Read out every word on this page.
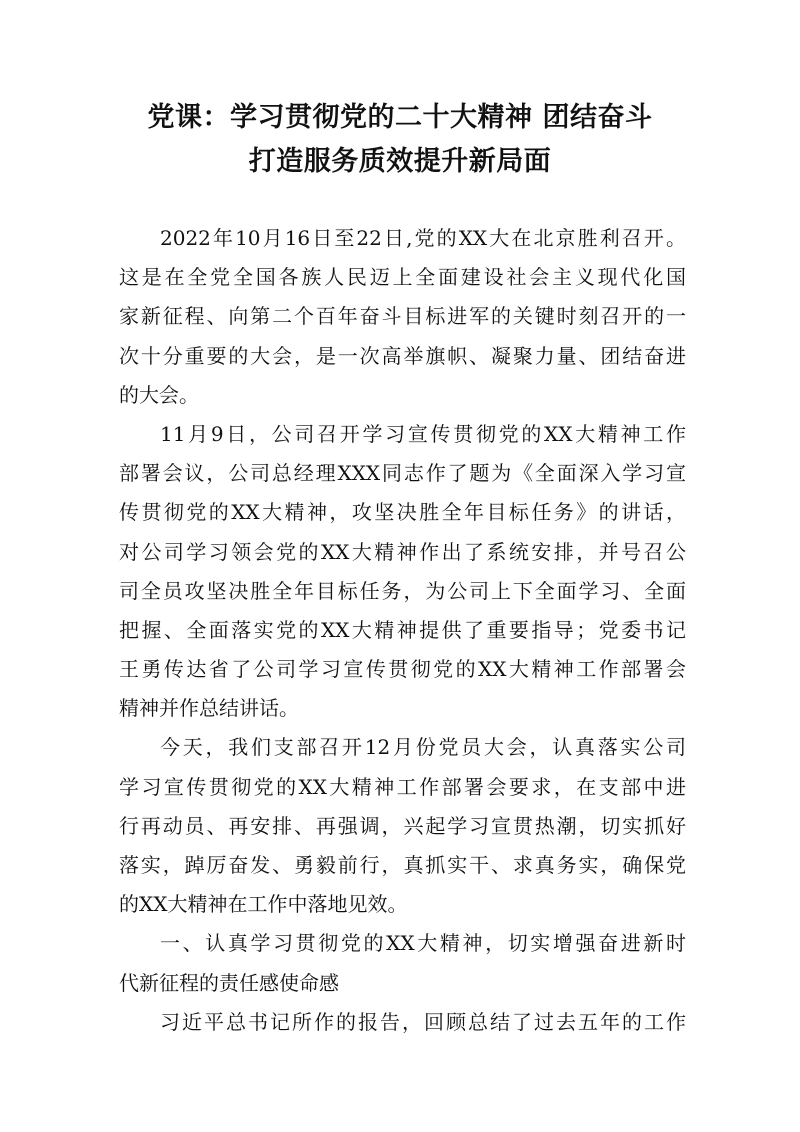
党课：学习贯彻党的二十大精神 团结奋斗
打造服务质效提升新局面
2022年10月16日至22日,党的XX大在北京胜利召开。
这是在全党全国各族人民迈上全面建设社会主义现代化国
家新征程、向第二个百年奋斗目标进军的关键时刻召开的一
次十分重要的大会，是一次高举旗帜、凝聚力量、团结奋进
的大会。
11月9日，公司召开学习宣传贯彻党的XX大精神工作
部署会议，公司总经理XXX同志作了题为《全面深入学习宣
传贯彻党的XX大精神，攻坚决胜全年目标任务》的讲话，
对公司学习领会党的XX大精神作出了系统安排，并号召公
司全员攻坚决胜全年目标任务，为公司上下全面学习、全面
把握、全面落实党的XX大精神提供了重要指导；党委书记
王勇传达省了公司学习宣传贯彻党的XX大精神工作部署会
精神并作总结讲话。
今天，我们支部召开12月份党员大会，认真落实公司
学习宣传贯彻党的XX大精神工作部署会要求，在支部中进
行再动员、再安排、再强调，兴起学习宣贯热潮，切实抓好
落实，踔厉奋发、勇毅前行，真抓实干、求真务实，确保党
的XX大精神在工作中落地见效。
一、认真学习贯彻党的XX大精神，切实增强奋进新时
代新征程的责任感使命感
习近平总书记所作的报告，回顾总结了过去五年的工作
